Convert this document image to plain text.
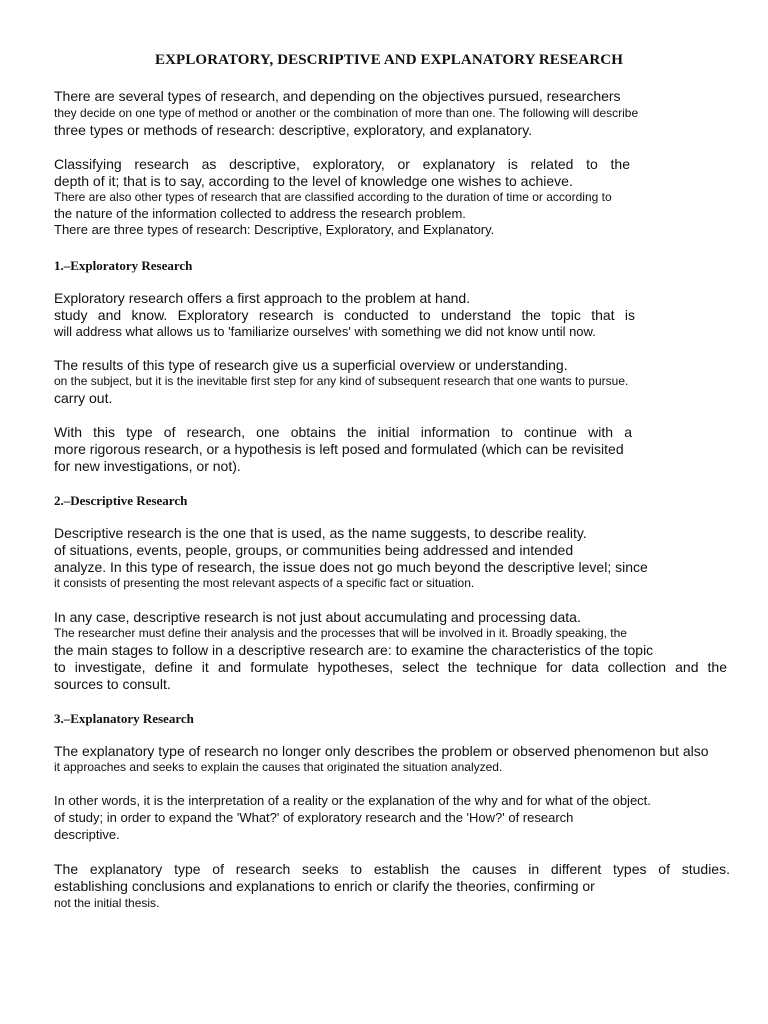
EXPLORATORY, DESCRIPTIVE AND EXPLANATORY RESEARCH

There are several types of research, and depending on the objectives pursued, researchers

they decide on one type of method or another or the combination of more than one. The following will describe

three types or methods of research: descriptive, exploratory, and explanatory.

Classifying research as descriptive, exploratory, or explanatory is related to the

depth of it; that is to say, according to the level of knowledge one wishes to achieve.

There are also other types of research that are classified according to the duration of time or according to

the nature of the information collected to address the research problem.

There are three types of research: Descriptive, Exploratory, and Explanatory.

1.–Exploratory Research

Exploratory research offers a first approach to the problem at hand.

study and know. Exploratory research is conducted to understand the topic that is

will address what allows us to 'familiarize ourselves' with something we did not know until now.

The results of this type of research give us a superficial overview or understanding.

on the subject, but it is the inevitable first step for any kind of subsequent research that one wants to pursue.

carry out.

With this type of research, one obtains the initial information to continue with a

more rigorous research, or a hypothesis is left posed and formulated (which can be revisited

for new investigations, or not).

2.–Descriptive Research

Descriptive research is the one that is used, as the name suggests, to describe reality.

of situations, events, people, groups, or communities being addressed and intended

analyze. In this type of research, the issue does not go much beyond the descriptive level; since

it consists of presenting the most relevant aspects of a specific fact or situation.

In any case, descriptive research is not just about accumulating and processing data.

The researcher must define their analysis and the processes that will be involved in it. Broadly speaking, the

the main stages to follow in a descriptive research are: to examine the characteristics of the topic

to investigate, define it and formulate hypotheses, select the technique for data collection and the

sources to consult.

3.–Explanatory Research

The explanatory type of research no longer only describes the problem or observed phenomenon but also

it approaches and seeks to explain the causes that originated the situation analyzed.

In other words, it is the interpretation of a reality or the explanation of the why and for what of the object.

of study; in order to expand the 'What?' of exploratory research and the 'How?' of research

descriptive.

The explanatory type of research seeks to establish the causes in different types of studies.

establishing conclusions and explanations to enrich or clarify the theories, confirming or

not the initial thesis.
